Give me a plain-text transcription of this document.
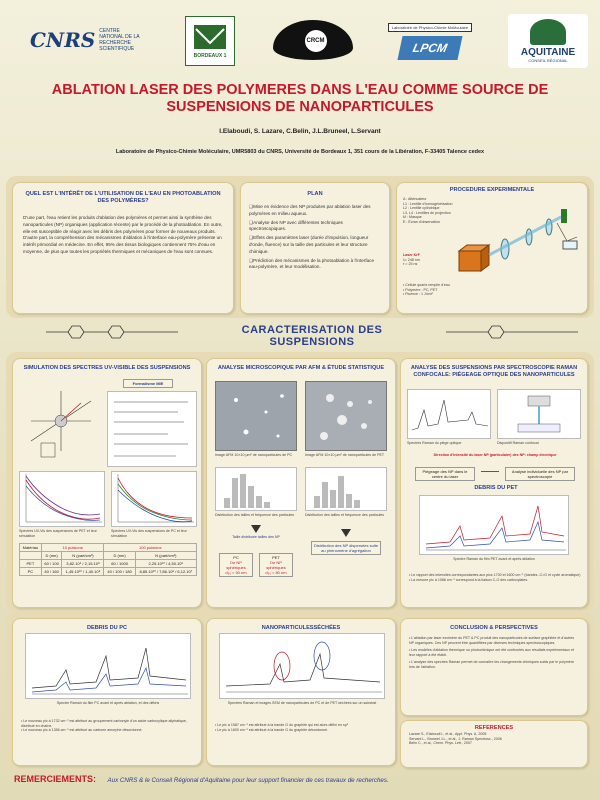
CNRS CENTRE NATIONAL DE LA RECHERCHE SCIENTIFIQUE
BORDEAUX 1
CRCM
Laboratoire de Physico-Chimie Moléculaire
LPCM	AQUITAINE
CONSEIL RÉGIONAL
ABLATION LASER DES POLYMERES DANS L'EAU COMME SOURCE DE
SUSPENSIONS DE NANOPARTICULES
I.Elaboudi, S. Lazare, C.Belin, J.L.Bruneel, L.Servant
Laboratoire de Physico-Chimie Moléculaire, UMR5803 du CNRS, Université de Bordeaux 1, 351 cours de la Libération, F-33405 Talence cedex
QUEL EST L'INTÉRÊT DE L'UTILISATION DE L'EAU EN PHOTOABLATION DES POLYMÈRES?

D'une part, l'eau retient les produits d'ablation des polymères et permet ainsi la synthèse des nanoparticules (NP) organiques (application récente) par le procédé de la photoablation. En outre, elle est susceptible de réagir avec les débris des polymères pour former de nouveaux produits. D'autre part, la compréhension des mécanismes d'ablation à l'interface eau-polymère présente un intérêt primordial en médecine. En effet, 95% des tissus biologiques contiennent 75% d'eau en moyenne, de plus que toutes les propriétés thermiques et mécaniques de l'eau sont connues.

PLAN

❑Mise en évidence des NP produites par ablation laser des polymères en milieu aqueux.

❑Analyse des NP avec différentes techniques spectroscopiques.

❑Effets des paramètres laser (durée d'impulsion, longueur d'onde, fluence) sur la taille des particules et leur structure chimique.

❑Prédiction des mécanismes de la photoablation à l'interface eau-polymère, et leur modélisation.

PROCEDURE EXPERIMENTALE
A : Atténuateur
L1 : Lentille d'homogénéisation
L2 : Lentille cylindrique
L3, L4 : Lentilles de projection
M : Masque
E : Écran d'observation
Laser KrF
λ= 248 nm
τ = 25 ns
• Cellule quartz remplie d'eau
• Polymère : PC, PET
• Fluence : 1 J/cm²
CARACTERISATION DES SUSPENSIONS
SIMULATION DES SPECTRES UV-VISIBLE DES SUSPENSIONS
Formalisme MIE
Spectres UV-Vis des suspensions de PET et leur simulation
Spectres UV-Vis des suspensions de PC et leur simulation
Matériau	10 pulsions		100 pulsions	
	D (nm)	N (part/cm³)	D (nm)	N (part/cm³)
PET	60 / 100	3,82.10⁹ / 2,15.10⁸	60 / 1000	2,25.10¹⁰ / 4,50.10⁶
PC	40 / 160	1,45.10¹⁰ / 1,40.10⁸	40 / 100 / 180	8,85.10¹⁰ / 7,86.10⁸ / 6,12.10⁷
ANALYSE MICROSCOPIQUE PAR AFM & ÉTUDE STATISTIQUE
Image AFM 10×10 μm² de nanoparticules de PC	Image AFM 10×10 μm² de nanoparticules de PET
Distribution des tailles et fréquence des particules
Taille distribuée tailles des NP
PC
De NP sphériques
d₅₀ = 50 nm
PET
De NP sphériques
d₅₀ = 80 nm
Distribution des tailles et fréquence des particules
Distribution des NP dispersées suite au phénomène d'agrégation
ANALYSE DES SUSPENSIONS PAR SPECTROSCOPIE RAMAN CONFOCALE: PIÉGEAGE OPTIQUE DES NANOPARTICULES
Spectres Raman du piège optique	Dispositif Raman confocal
Direction d'intensité du laser NP (particulaire) des NP: champ électrique
Piégeage des NP dans le centre du laser
Analyse individuelle des NP par spectroscopie
DEBRIS DU PET
Spectre Raman du film PET avant et après ablation
• Le rapport des intensités correspondantes aux pics 1730 et 1600 cm⁻¹ (bandes -C=O et cycle aromatique)
• La mesure pic à 1086 cm⁻¹ correspond à la liaison C-O des carboxylates.
DEBRIS DU PC
Spectre Raman du film PC avant et après ablation, et des débris
• Le nouveau pic à 1732 cm⁻¹ est attribué au groupement carbonyle d'un acide carboxylique aliphatique, distribué en chaîne.
• Le nouveau pic à 1356 cm⁻¹ est attribué au carbone amorphe désordonné.
NANOPARTICULESSÉCHÉES
Spectres Raman et images SEM de nanoparticules de PC et de PET séchées sur un substrat
• Le pic à 1587 cm⁻¹ est attribué à la bande G du graphite qui est alors défini en sp²
• Le pic à 1600 cm⁻¹ est attribué à la bande G du graphite désordonné.
CONCLUSION & PERSPECTIVES
• L'ablation par laser excimère du PET & PC produit des nanoparticules de surface graphitée et d'autres NP organiques. Ces NP peuvent être quantifiées par diverses techniques spectroscopiques.
• Les modèles d'ablation thermique ou photochimique ont été confrontés aux résultats expérimentaux et leur rapport a été établi.
• L'analyse des spectres Raman permet de connaître les changements chimiques subis par le polymère lors de l'ablation.
REFERENCES
Lazare S., Elaboudi I., et al., Appl. Phys. A, 2005
Servant L., Bruneel J.L., et al., J. Raman Spectrosc., 2006
Belin C., et al., Chem. Phys. Lett., 2007
REMERCIEMENTS: Aux CNRS & le Conseil Régional d'Aquitaine pour leur support financier de ces travaux de recherches.
